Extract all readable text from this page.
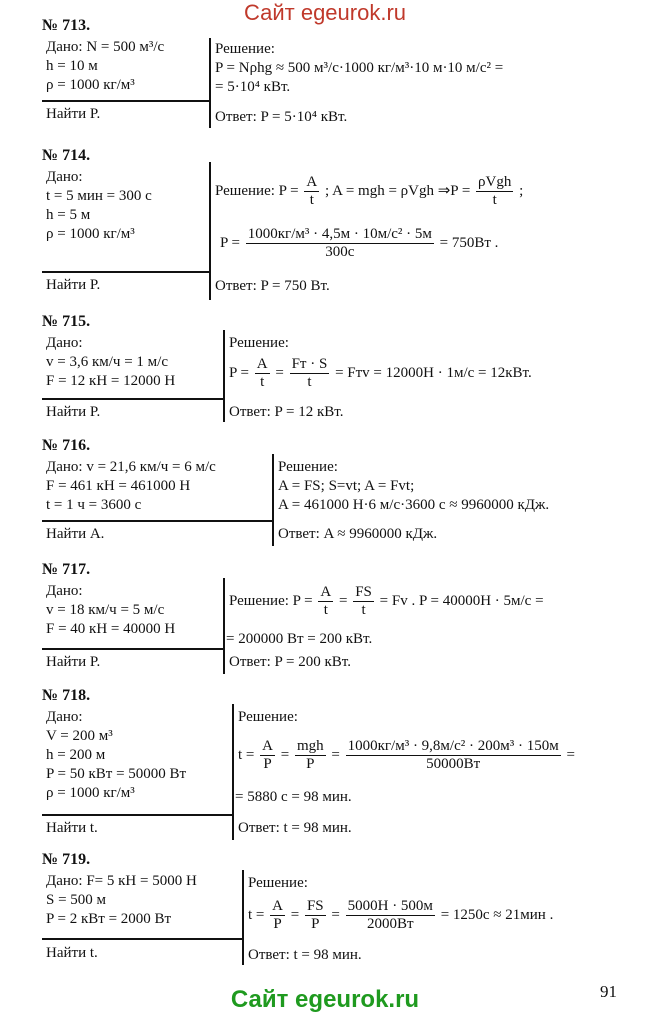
Сайт egeurok.ru
№ 713.
Дано: N = 500 м³/с
h = 10 м
ρ = 1000 кг/м³
Найти P.
Решение:
P = Nρhg ≈ 500 м³/с·1000 кг/м³·10 м·10 м/с² =
= 5·10⁴ кВт.
Ответ: P = 5·10⁴ кВт.
№ 714.
Дано:
t = 5 мин = 300 с
h = 5 м
ρ = 1000 кг/м³
Найти P.
Решение: $P = \frac{A}{t}$ ; A = mgh = ρVgh ⇒P = $\frac{\text{ρVgh}}{t}$ ;
$P = \frac{\text{1000кг/м³ · 4,5м · 10м/с² · 5м}}{300с} = 750Вт$ .
Ответ: P = 750 Вт.
№ 715.
Дано:
v = 3,6 км/ч = 1 м/с
F = 12 кН = 12000 Н
Найти P.
Решение:
$P = \frac{A}{t} = \frac{Fт \cdot S}{t}$ = Fтv = 12000Н · 1м/с = 12кВт.
Ответ: P = 12 кВт.
№ 716.
Дано: v = 21,6 км/ч = 6 м/с
F = 461 кН = 461000 Н
t = 1 ч = 3600 с
Найти A.
Решение:
A = FS; S=vt; A = Fvt;
A = 461000 Н·6 м/с·3600 с ≈ 9960000 кДж.
Ответ: A ≈ 9960000 кДж.
№ 717.
Дано:
v = 18 км/ч = 5 м/с
F = 40 кН = 40000 Н
Найти P.
Решение: $P = \frac{A}{t} = \frac{FS}{t} = Fv$ . P = 40000Н · 5м/с =
= 200000 Вт = 200 кВт.
Ответ: P = 200 кВт.
№ 718.
Дано:
V = 200 м³
h = 200 м
P = 50 кВт = 50000 Вт
ρ = 1000 кг/м³
Найти t.
Решение:
$t = \frac{A}{P} = \frac{\text{mgh}}{P} = \frac{\text{1000кг/м³ · 9,8м/с² · 200м³ · 150м}}{50000Вт}$ =
= 5880 с = 98 мин.
Ответ: t = 98 мин.
№ 719.
Дано: F= 5 кН = 5000 Н
S = 500 м
P = 2 кВт = 2000 Вт
Найти t.
Решение:
$t = \frac{A}{P} = \frac{FS}{P} = \frac{5000Н \cdot 500м}{2000Вт} = 1250с \approx 21мин$ .
Ответ: t = 98 мин.
91
Сайт egeurok.ru
